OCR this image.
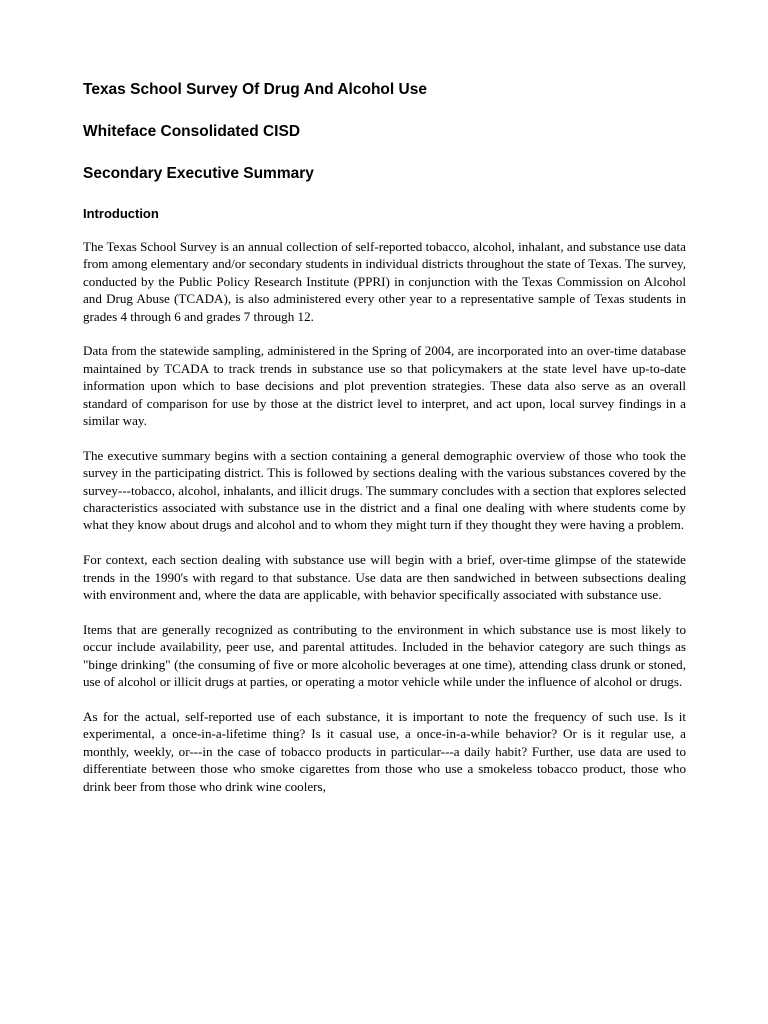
Texas School Survey Of Drug And Alcohol Use
Whiteface Consolidated CISD
Secondary Executive Summary
Introduction

The Texas School Survey is an annual collection of self-reported tobacco, alcohol, inhalant, and substance use data from among elementary and/or secondary students in individual districts throughout the state of Texas. The survey, conducted by the Public Policy Research Institute (PPRI) in conjunction with the Texas Commission on Alcohol and Drug Abuse (TCADA), is also administered every other year to a representative sample of Texas students in grades 4 through 6 and grades 7 through 12.

Data from the statewide sampling, administered in the Spring of 2004, are incorporated into an over-time database maintained by TCADA to track trends in substance use so that policymakers at the state level have up-to-date information upon which to base decisions and plot prevention strategies. These data also serve as an overall standard of comparison for use by those at the district level to interpret, and act upon, local survey findings in a similar way.

The executive summary begins with a section containing a general demographic overview of those who took the survey in the participating district. This is followed by sections dealing with the various substances covered by the survey---tobacco, alcohol, inhalants, and illicit drugs. The summary concludes with a section that explores selected characteristics associated with substance use in the district and a final one dealing with where students come by what they know about drugs and alcohol and to whom they might turn if they thought they were having a problem.

For context, each section dealing with substance use will begin with a brief, over-time glimpse of the statewide trends in the 1990's with regard to that substance. Use data are then sandwiched in between subsections dealing with environment and, where the data are applicable, with behavior specifically associated with substance use.

Items that are generally recognized as contributing to the environment in which substance use is most likely to occur include availability, peer use, and parental attitudes. Included in the behavior category are such things as "binge drinking" (the consuming of five or more alcoholic beverages at one time), attending class drunk or stoned, use of alcohol or illicit drugs at parties, or operating a motor vehicle while under the influence of alcohol or drugs.

As for the actual, self-reported use of each substance, it is important to note the frequency of such use. Is it experimental, a once-in-a-lifetime thing? Is it casual use, a once-in-a-while behavior? Or is it regular use, a monthly, weekly, or---in the case of tobacco products in particular---a daily habit? Further, use data are used to differentiate between those who smoke cigarettes from those who use a smokeless tobacco product, those who drink beer from those who drink wine coolers,
